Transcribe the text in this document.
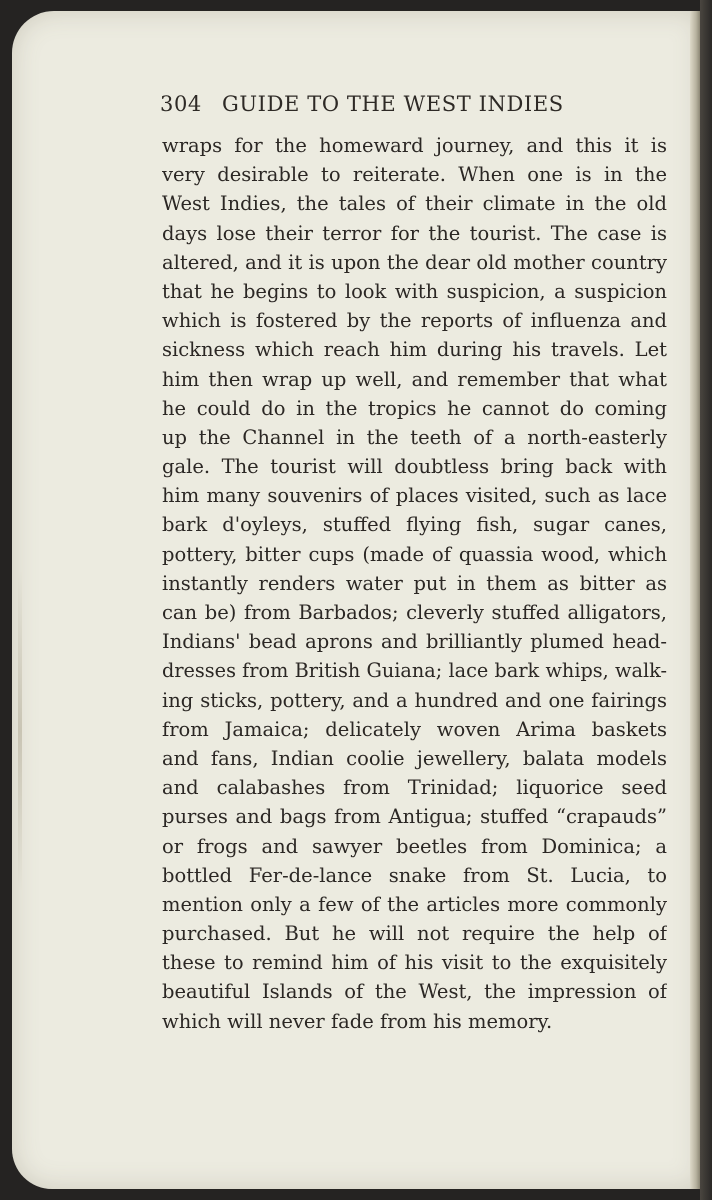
304 GUIDE TO THE WEST INDIES
wraps for the homeward journey, and this it is
very desirable to reiterate. When one is in the
West Indies, the tales of their climate in the old
days lose their terror for the tourist. The case is
altered, and it is upon the dear old mother country
that he begins to look with suspicion, a suspicion
which is fostered by the reports of influenza and
sickness which reach him during his travels. Let
him then wrap up well, and remember that what
he could do in the tropics he cannot do coming
up the Channel in the teeth of a north-easterly
gale. The tourist will doubtless bring back with
him many souvenirs of places visited, such as lace
bark d'oyleys, stuffed flying fish, sugar canes,
pottery, bitter cups (made of quassia wood, which
instantly renders water put in them as bitter as
can be) from Barbados; cleverly stuffed alligators,
Indians' bead aprons and brilliantly plumed head-
dresses from British Guiana; lace bark whips, walk-
ing sticks, pottery, and a hundred and one fairings
from Jamaica; delicately woven Arima baskets
and fans, Indian coolie jewellery, balata models
and calabashes from Trinidad; liquorice seed
purses and bags from Antigua; stuffed “crapauds”
or frogs and sawyer beetles from Dominica; a
bottled Fer-de-lance snake from St. Lucia, to
mention only a few of the articles more commonly
purchased. But he will not require the help of
these to remind him of his visit to the exquisitely
beautiful Islands of the West, the impression of
which will never fade from his memory.
